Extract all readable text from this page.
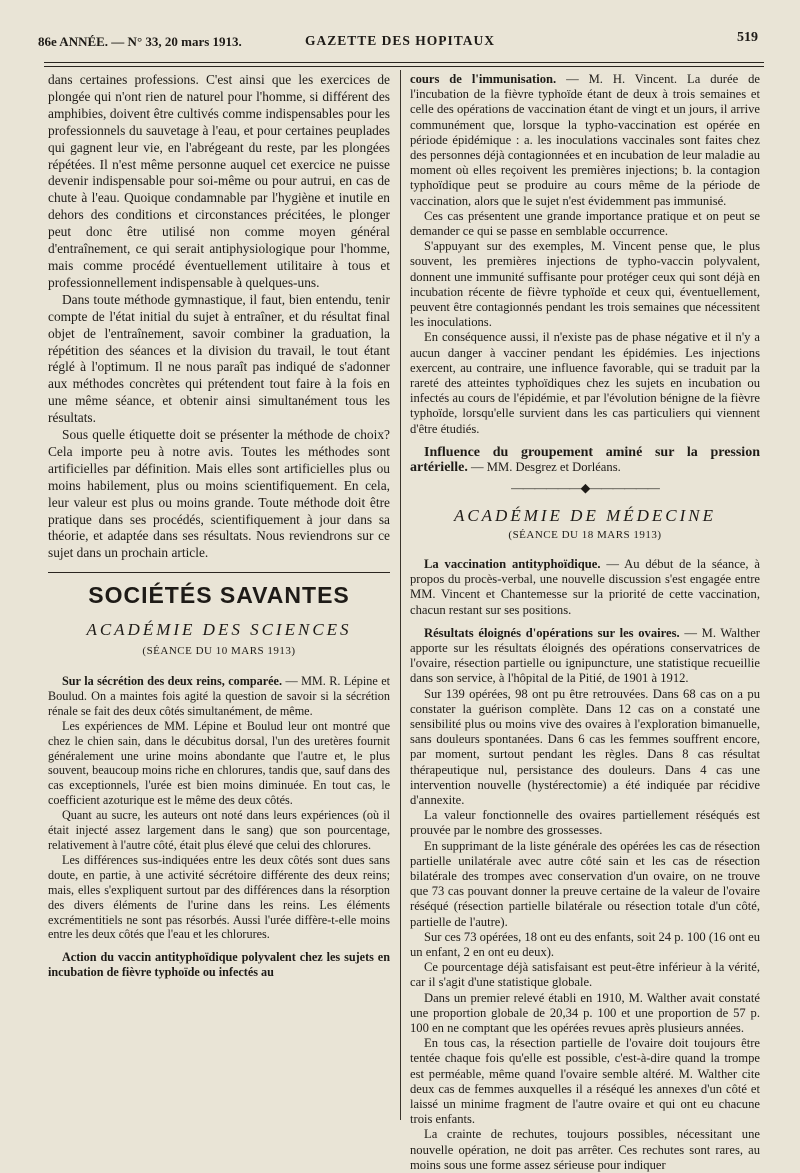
86e ANNÉE. — N° 33, 20 mars 1913.	GAZETTE DES HOPITAUX	519

dans certaines professions. C'est ainsi que les exercices de plongée qui n'ont rien de naturel pour l'homme, si différent des amphibies, doivent être cultivés comme indispensables pour les professionnels du sauvetage à l'eau, et pour certaines peuplades qui gagnent leur vie, en l'abrégeant du reste, par les plongées répétées. Il n'est même personne auquel cet exercice ne puisse devenir indispensable pour soi-même ou pour autrui, en cas de chute à l'eau. Quoique condamnable par l'hygiène et inutile en dehors des conditions et circonstances précitées, le plonger peut donc être utilisé non comme moyen général d'entraînement, ce qui serait antiphysiologique pour l'homme, mais comme procédé éventuellement utilitaire à tous et professionnellement indispensable à quelques-uns.

Dans toute méthode gymnastique, il faut, bien entendu, tenir compte de l'état initial du sujet à entraîner, et du résultat final objet de l'entraînement, savoir combiner la graduation, la répétition des séances et la division du travail, le tout étant réglé à l'optimum. Il ne nous paraît pas indiqué de s'adonner aux méthodes concrètes qui prétendent tout faire à la fois en une même séance, et obtenir ainsi simultanément tous les résultats.

Sous quelle étiquette doit se présenter la méthode de choix? Cela importe peu à notre avis. Toutes les méthodes sont artificielles par définition. Mais elles sont artificielles plus ou moins habilement, plus ou moins scientifiquement. En cela, leur valeur est plus ou moins grande. Toute méthode doit être pratique dans ses procédés, scientifiquement à jour dans sa théorie, et adaptée dans ses résultats. Nous reviendrons sur ce sujet dans un prochain article.

SOCIÉTÉS SAVANTES
ACADÉMIE DES SCIENCES
(SÉANCE DU 10 MARS 1913)

Sur la sécrétion des deux reins, comparée. — MM. R. Lépine et Boulud. On a maintes fois agité la question de savoir si la sécrétion rénale se fait des deux côtés simultanément, de même.

Les expériences de MM. Lépine et Boulud leur ont montré que chez le chien sain, dans le décubitus dorsal, l'un des uretères fournit généralement une urine moins abondante que l'autre et, le plus souvent, beaucoup moins riche en chlorures, tandis que, sauf dans des cas exceptionnels, l'urée est bien moins diminuée. En tout cas, le coefficient azoturique est le même des deux côtés.

Quant au sucre, les auteurs ont noté dans leurs expériences (où il était injecté assez largement dans le sang) que son pourcentage, relativement à l'autre côté, était plus élevé que celui des chlorures.

Les différences sus-indiquées entre les deux côtés sont dues sans doute, en partie, à une activité sécrétoire différente des deux reins; mais, elles s'expliquent surtout par des différences dans la résorption des divers éléments de l'urine dans les reins. Les éléments excrémentitiels ne sont pas résorbés. Aussi l'urée diffère-t-elle moins entre les deux côtés que l'eau et les chlorures.

Action du vaccin antityphoïdique polyvalent chez les sujets en incubation de fièvre typhoïde ou infectés au

cours de l'immunisation. — M. H. Vincent. La durée de l'incubation de la fièvre typhoïde étant de deux à trois semaines et celle des opérations de vaccination étant de vingt et un jours, il arrive communément que, lorsque la typho-vaccination est opérée en période épidémique : a. les inoculations vaccinales sont faites chez des personnes déjà contagionnées et en incubation de leur maladie au moment où elles reçoivent les premières injections; b. la contagion typhoïdique peut se produire au cours même de la période de vaccination, alors que le sujet n'est évidemment pas immunisé.

Ces cas présentent une grande importance pratique et on peut se demander ce qui se passe en semblable occurrence.

S'appuyant sur des exemples, M. Vincent pense que, le plus souvent, les premières injections de typho-vaccin polyvalent, donnent une immunité suffisante pour protéger ceux qui sont déjà en incubation récente de fièvre typhoïde et ceux qui, éventuellement, peuvent être contagionnés pendant les trois semaines que nécessitent les inoculations.

En conséquence aussi, il n'existe pas de phase négative et il n'y a aucun danger à vacciner pendant les épidémies. Les injections exercent, au contraire, une influence favorable, qui se traduit par la rareté des atteintes typhoïdiques chez les sujets en incubation ou infectés au cours de l'épidémie, et par l'évolution bénigne de la fièvre typhoïde, lorsqu'elle survient dans les cas particuliers qui viennent d'être étudiés.

Influence du groupement aminé sur la pression artérielle. — MM. Desgrez et Dorléans.

——————◆——————
ACADÉMIE DE MÉDECINE
(SÉANCE DU 18 MARS 1913)

La vaccination antityphoïdique. — Au début de la séance, à propos du procès-verbal, une nouvelle discussion s'est engagée entre MM. Vincent et Chantemesse sur la priorité de cette vaccination, chacun restant sur ses positions.

Résultats éloignés d'opérations sur les ovaires. — M. Walther apporte sur les résultats éloignés des opérations conservatrices de l'ovaire, résection partielle ou ignipuncture, une statistique recueillie dans son service, à l'hôpital de la Pitié, de 1901 à 1912.

Sur 139 opérées, 98 ont pu être retrouvées. Dans 68 cas on a pu constater la guérison complète. Dans 12 cas on a constaté une sensibilité plus ou moins vive des ovaires à l'exploration bimanuelle, sans douleurs spontanées. Dans 6 cas les femmes souffrent encore, par moment, surtout pendant les règles. Dans 8 cas résultat thérapeutique nul, persistance des douleurs. Dans 4 cas une intervention nouvelle (hystérectomie) a été indiquée par récidive d'annexite.

La valeur fonctionnelle des ovaires partiellement réséqués est prouvée par le nombre des grossesses.

En supprimant de la liste générale des opérées les cas de résection partielle unilatérale avec autre côté sain et les cas de résection bilatérale des trompes avec conservation d'un ovaire, on ne trouve que 73 cas pouvant donner la preuve certaine de la valeur de l'ovaire réséqué (résection partielle bilatérale ou résection totale d'un côté, partielle de l'autre).

Sur ces 73 opérées, 18 ont eu des enfants, soit 24 p. 100 (16 ont eu un enfant, 2 en ont eu deux).

Ce pourcentage déjà satisfaisant est peut-être inférieur à la vérité, car il s'agit d'une statistique globale.

Dans un premier relevé établi en 1910, M. Walther avait constaté une proportion globale de 20,34 p. 100 et une proportion de 57 p. 100 en ne comptant que les opérées revues après plusieurs années.

En tous cas, la résection partielle de l'ovaire doit toujours être tentée chaque fois qu'elle est possible, c'est-à-dire quand la trompe est perméable, même quand l'ovaire semble altéré. M. Walther cite deux cas de femmes auxquelles il a réséqué les annexes d'un côté et laissé un minime fragment de l'autre ovaire et qui ont eu chacune trois enfants.

La crainte de rechutes, toujours possibles, nécessitant une nouvelle opération, ne doit pas arrêter. Ces rechutes sont rares, au moins sous une forme assez sérieuse pour indiquer
